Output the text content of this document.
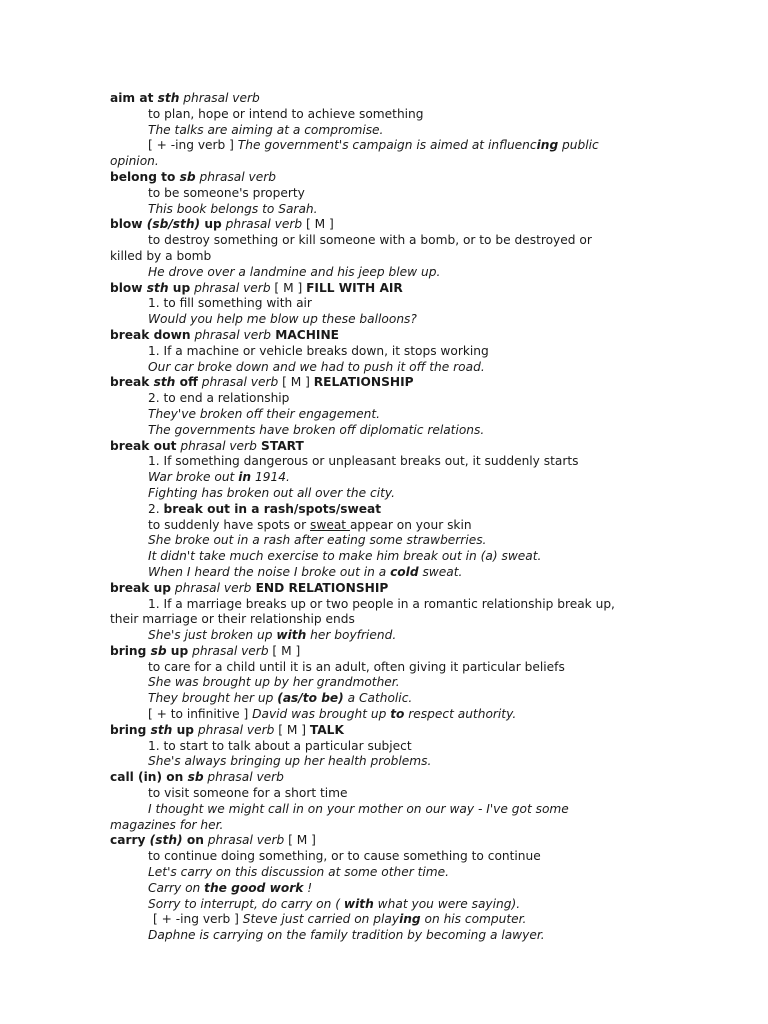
aim at sth phrasal verb
to plan, hope or intend to achieve something
The talks are aiming at a compromise.
[ + -ing verb ] The government's campaign is aimed at influencing public
opinion.
belong to sb phrasal verb
to be someone's property
This book belongs to Sarah.
blow (sb/sth) up phrasal verb [ M ]
to destroy something or kill someone with a bomb, or to be destroyed or
killed by a bomb
He drove over a landmine and his jeep blew up.
blow sth up phrasal verb [ M ] FILL WITH AIR
1. to fill something with air
Would you help me blow up these balloons?
break down phrasal verb MACHINE
1. If a machine or vehicle breaks down, it stops working
Our car broke down and we had to push it off the road.
break sth off phrasal verb [ M ] RELATIONSHIP
2. to end a relationship
They've broken off their engagement.
The governments have broken off diplomatic relations.
break out phrasal verb START
1. If something dangerous or unpleasant breaks out, it suddenly starts
War broke out in 1914.
Fighting has broken out all over the city.
2. break out in a rash/spots/sweat
to suddenly have spots or sweat appear on your skin
She broke out in a rash after eating some strawberries.
It didn't take much exercise to make him break out in (a) sweat.
When I heard the noise I broke out in a cold sweat.
break up phrasal verb END RELATIONSHIP
1. If a marriage breaks up or two people in a romantic relationship break up,
their marriage or their relationship ends
She's just broken up with her boyfriend.
bring sb up phrasal verb [ M ]
to care for a child until it is an adult, often giving it particular beliefs
She was brought up by her grandmother.
They brought her up (as/to be) a Catholic.
[ + to infinitive ] David was brought up to respect authority.
bring sth up phrasal verb [ M ] TALK
1. to start to talk about a particular subject
She's always bringing up her health problems.
call (in) on sb phrasal verb
to visit someone for a short time
I thought we might call in on your mother on our way - I've got some
magazines for her.
carry (sth) on phrasal verb [ M ]
to continue doing something, or to cause something to continue
Let's carry on this discussion at some other time.
Carry on the good work !
Sorry to interrupt, do carry on ( with what you were saying).
[ + -ing verb ] Steve just carried on playing on his computer.
Daphne is carrying on the family tradition by becoming a lawyer.
